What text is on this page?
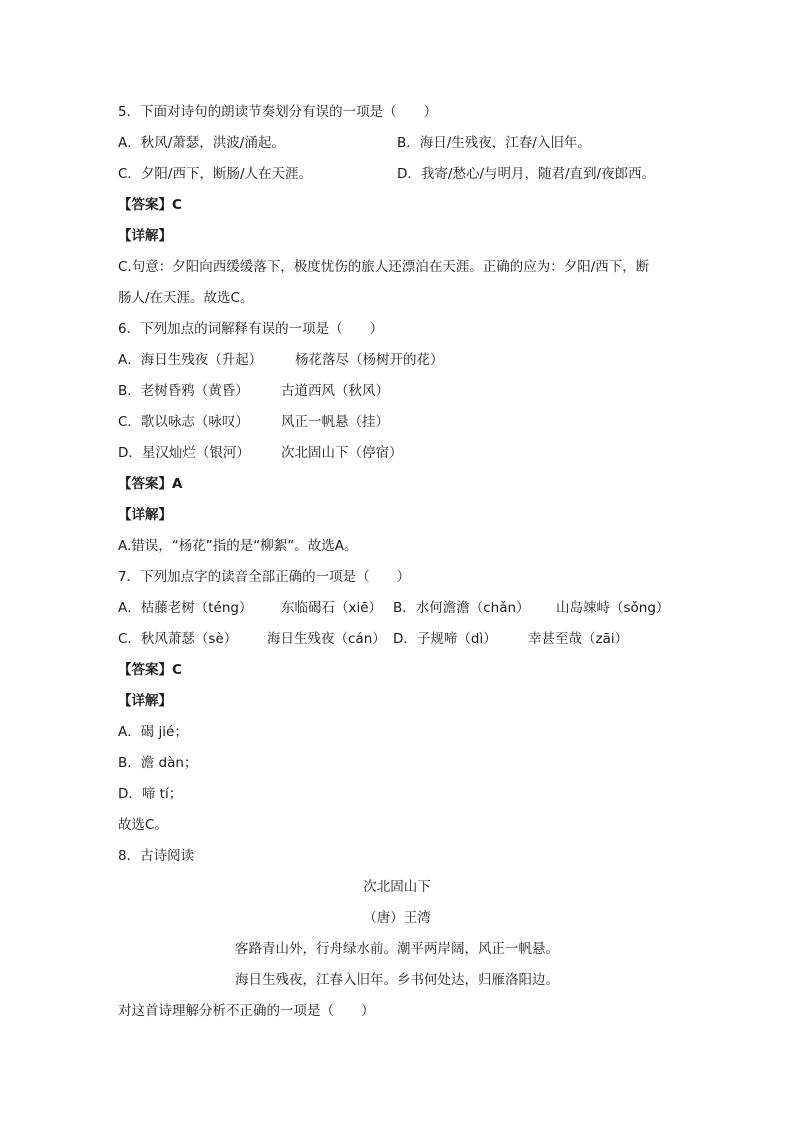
5．下面对诗句的朗读节奏划分有误的一项是（　　）
A．秋风/萧瑟，洪波/涌起。	B．海日/生残夜，江春/入旧年。
C．夕阳/西下，断肠/人在天涯。	D．我寄/愁心/与明月，随君/直到/夜郎西。
【答案】C
【详解】
C.句意：夕阳向西缓缓落下，极度忧伤的旅人还漂泊在天涯。正确的应为：夕阳/西下，断
肠人/在天涯。故选C。
6．下列加点的词解释有误的一项是（　　）
A．海日生残夜（升起） 杨花落尽（杨树开的花）
B．老树昏鸦（黄昏） 古道西风（秋风）
C．歌以咏志（咏叹） 风正一帆悬（挂）
D．星汉灿烂（银河） 次北固山下（停宿）
【答案】A
【详解】
A.错误，“杨花”指的是“柳絮”。故选A。
7．下列加点字的读音全部正确的一项是（　　）
A．枯藤老树（téng） 东临碣石（xiē） B．水何澹澹（chǎn） 山岛竦峙（sǒng）
C．秋风萧瑟（sè） 海日生残夜（cán） D．子规啼（dì） 幸甚至哉（zāi）
【答案】C
【详解】
A．碣 jié；
B．澹 dàn；
D．啼 tí；
故选C。
8．古诗阅读
次北固山下
（唐）王湾
客路青山外，行舟绿水前。潮平两岸阔，风正一帆悬。
海日生残夜，江春入旧年。乡书何处达，归雁洛阳边。
对这首诗理解分析不正确的一项是（　　）
